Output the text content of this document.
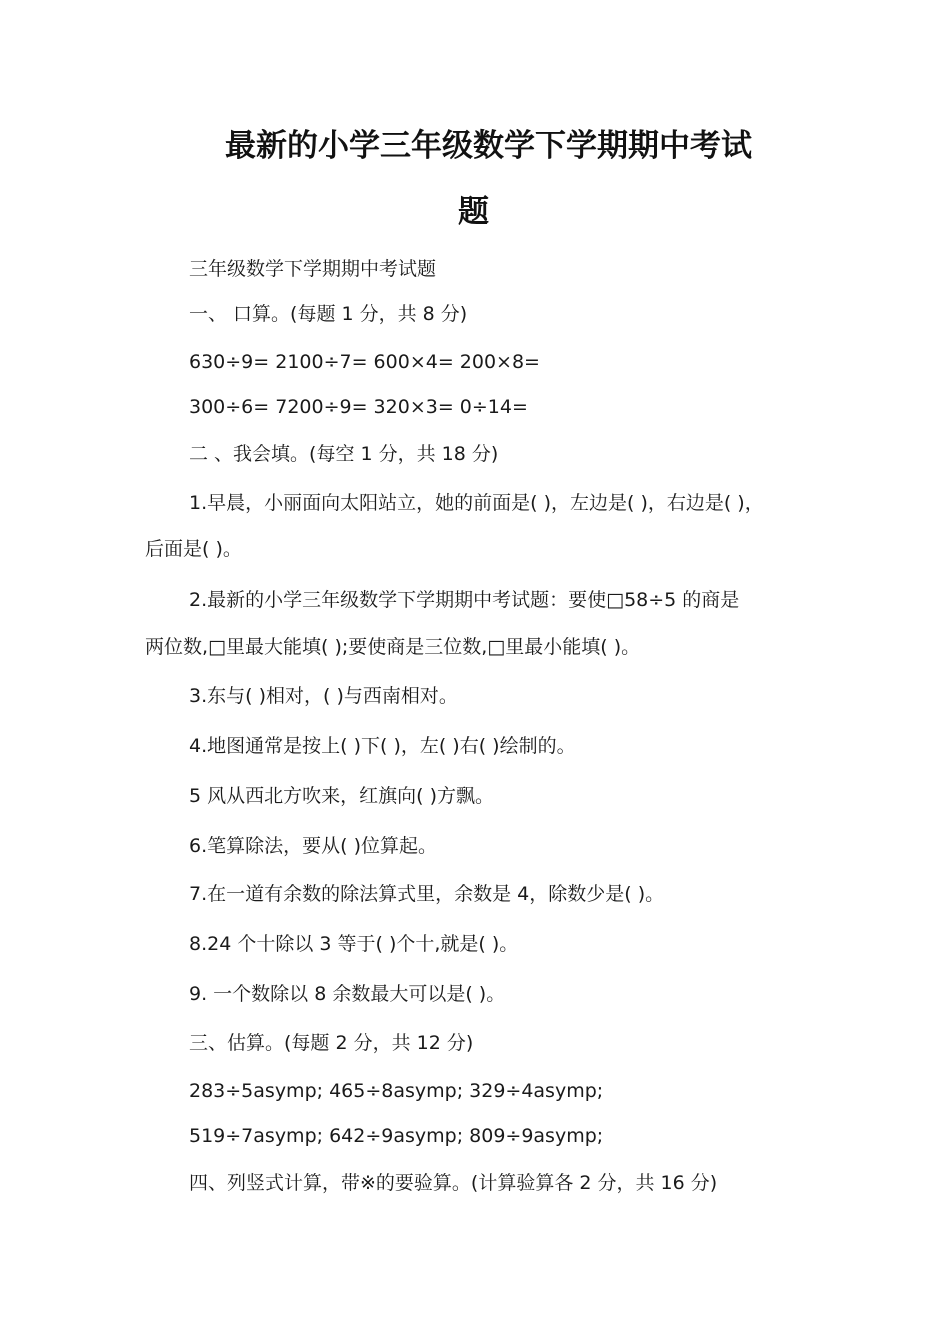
最新的小学三年级数学下学期期中考试
题
三年级数学下学期期中考试题
一、 口算。(每题 1 分，共 8 分)
630÷9= 2100÷7= 600×4= 200×8=
300÷6= 7200÷9= 320×3= 0÷14=
二 、我会填。(每空 1 分，共 18 分)
1.早晨，小丽面向太阳站立，她的前面是( )，左边是( )，右边是( )，
后面是( )。
2.最新的小学三年级数学下学期期中考试题：要使□58÷5 的商是
两位数,□里最大能填( );要使商是三位数,□里最小能填( )。
3.东与( )相对，( )与西南相对。
4.地图通常是按上( )下( )，左( )右( )绘制的。
5 风从西北方吹来，红旗向( )方飘。
6.笔算除法，要从( )位算起。
7.在一道有余数的除法算式里，余数是 4，除数少是( )。
8.24 个十除以 3 等于( )个十,就是( )。
9. 一个数除以 8 余数最大可以是( )。
三、估算。(每题 2 分，共 12 分)
283÷5asymp; 465÷8asymp; 329÷4asymp;
519÷7asymp; 642÷9asymp; 809÷9asymp;
四、列竖式计算，带※的要验算。(计算验算各 2 分，共 16 分)
